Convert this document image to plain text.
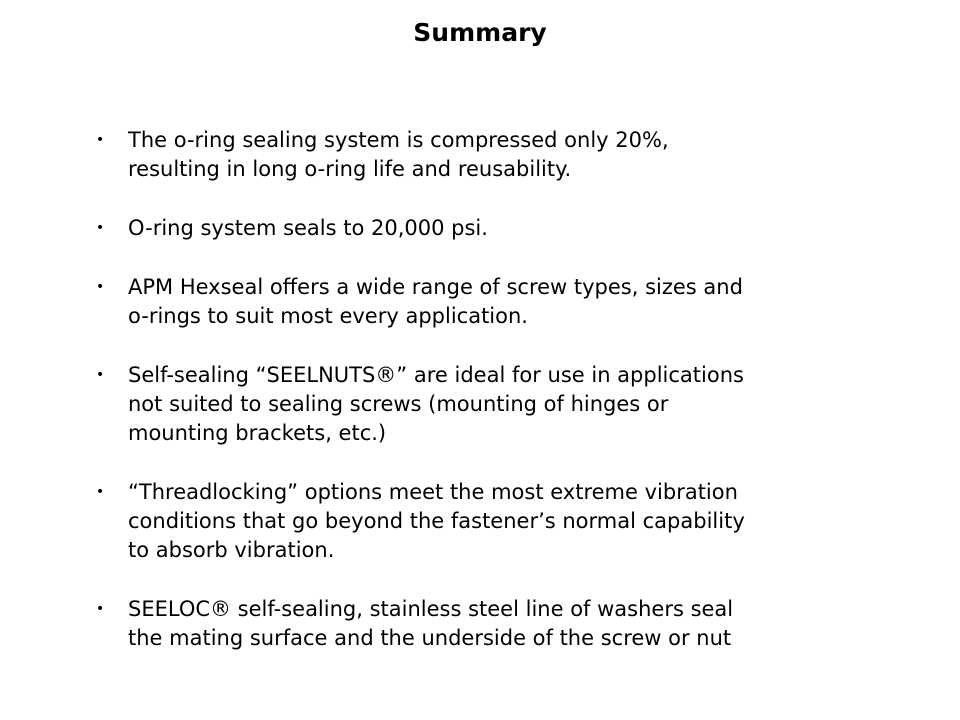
Summary
•	The o-ring sealing system is compressed only 20%,
resulting in long o-ring life and reusability.
•	O-ring system seals to 20,000 psi.
•	APM Hexseal offers a wide range of screw types, sizes and
o-rings to suit most every application.
•	Self-sealing “SEELNUTS®” are ideal for use in applications
not suited to sealing screws (mounting of hinges or
mounting brackets, etc.)
•	“Threadlocking” options meet the most extreme vibration
conditions that go beyond the fastener’s normal capability
to absorb vibration.
•	SEELOC® self-sealing, stainless steel line of washers seal
the mating surface and the underside of the screw or nut
